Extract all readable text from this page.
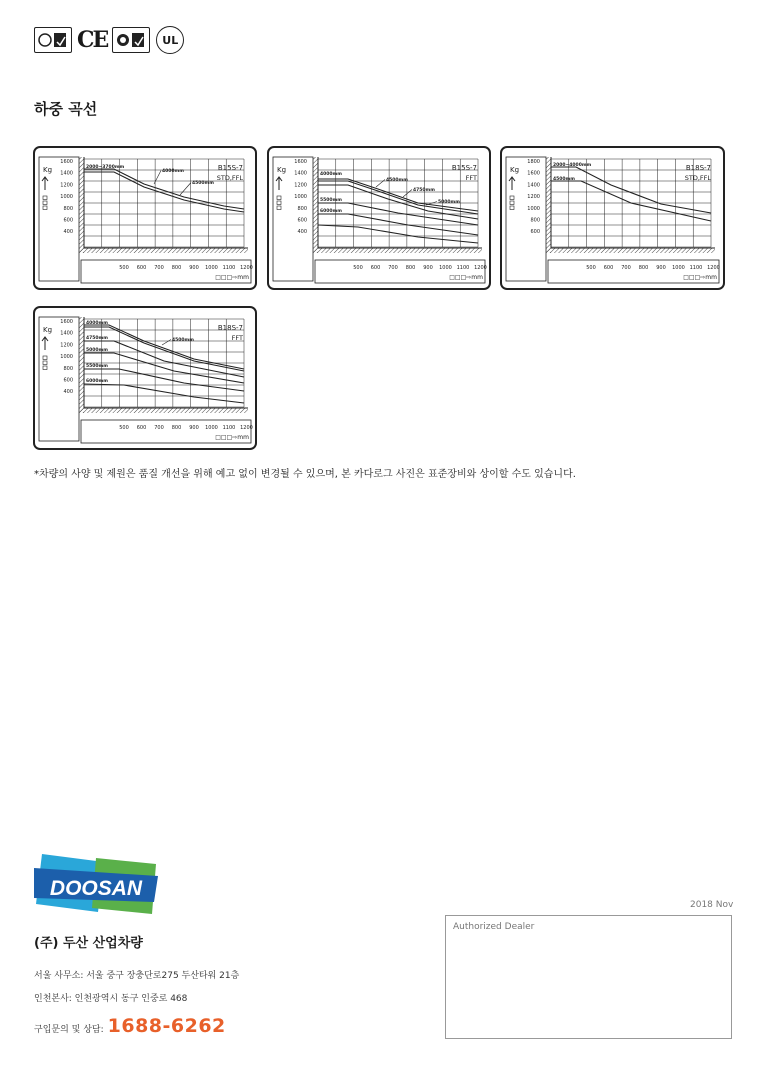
CE	UL
하중 곡선
Kg
1600
1400
1200
1000
800
600
400
500 600 700 800 900 1000 1100 1200
□□□⇨mm
B15S-7
STD,FFL
2000~3700mm
4000mm
4500mm
Kg
1600
1400
1200
1000
800
600
400
500 600 700 800 900 1000 1100 1200
□□□⇨mm
B15S-7
FFT
4000mm
4500mm
4750mm
5000mm
5500mm
6000mm
Kg
1800
1600
1400
1200
1000
800
600
500 600 700 800 900 1000 1100 1200
□□□⇨mm
B18S-7
STD,FFL
2000~4000mm
4500mm
Kg
1600
1400
1200
1000
800
600
400
500 600 700 800 900 1000 1100 1200
□□□⇨mm
B18S-7
FFT
4000mm
4500mm
4750mm
5000mm
5500mm
6000mm

*차량의 사양 및 제원은 품질 개선을 위해 예고 없이 변경될 수 있으며, 본 카다로그 사진은 표준장비와 상이할 수도 있습니다.

DOOSAN
(주) 두산 산업차량
서울 사무소: 서울 중구 장충단로275 두산타워 21층
인천본사: 인천광역시 동구 인중로 468
구입문의 및 상담: 1688-6262
2018 Nov
Authorized Dealer
